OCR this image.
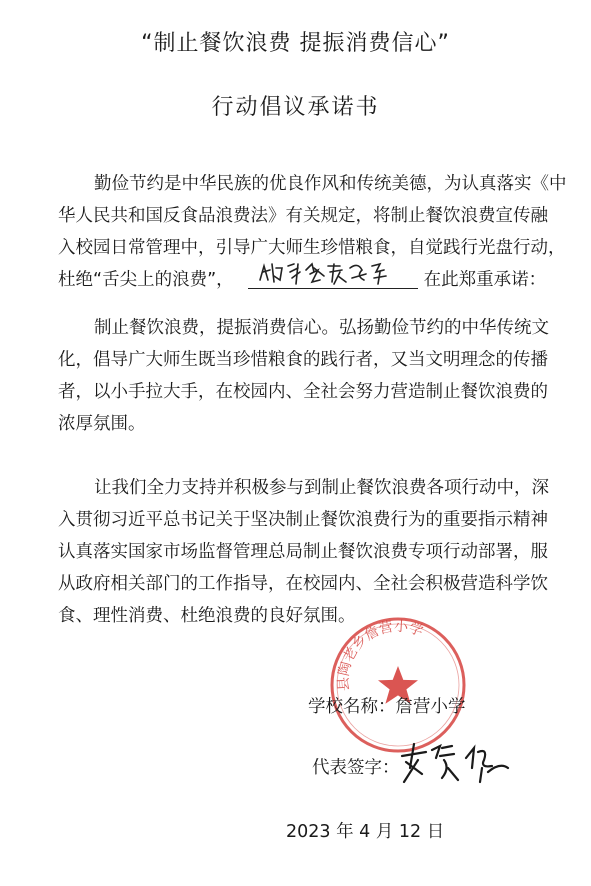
“制止餐饮浪费 提振消费信心”
行动倡议承诺书
勤俭节约是中华民族的优良作风和传统美德，为认真落实《中
华人民共和国反食品浪费法》有关规定，将制止餐饮浪费宣传融
入校园日常管理中，引导广大师生珍惜粮食，自觉践行光盘行动，
杜绝“舌尖上的浪费”，	在此郑重承诺：
制止餐饮浪费，提振消费信心。弘扬勤俭节约的中华传统文
化，倡导广大师生既当珍惜粮食的践行者，又当文明理念的传播
者，以小手拉大手，在校园内、全社会努力营造制止餐饮浪费的
浓厚氛围。
让我们全力支持并积极参与到制止餐饮浪费各项行动中，深
入贯彻习近平总书记关于坚决制止餐饮浪费行为的重要指示精神
认真落实国家市场监督管理总局制止餐饮浪费专项行动部署，服
从政府相关部门的工作指导，在校园内、全社会积极营造科学饮
食、理性消费、杜绝浪费的良好氛围。
县陶老乡詹营小学
学校名称：詹营小学
代表签字：
2023 年 4 月 12 日
